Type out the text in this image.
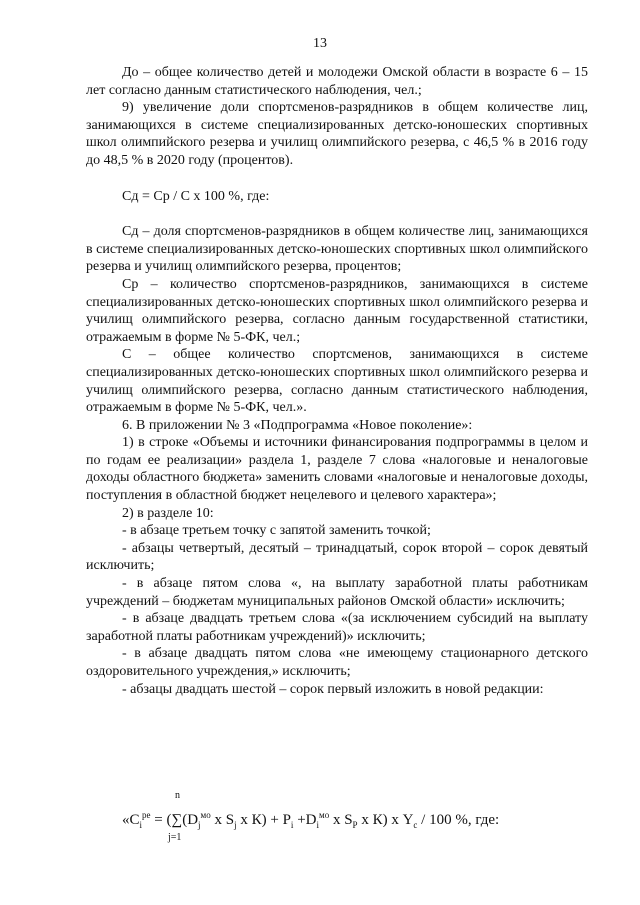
13

До – общее количество детей и молодежи Омской области в возрасте 6 – 15 лет согласно данным статистического наблюдения, чел.;

9) увеличение доли спортсменов-разрядников в общем количестве лиц, занимающихся в системе специализированных детско-юношеских спортивных школ олимпийского резерва и училищ олимпийского резерва, с 46,5 % в 2016 году до 48,5 % в 2020 году (процентов).

Сд = Ср / С х 100 %, где:

Сд – доля спортсменов-разрядников в общем количестве лиц, занимающихся в системе специализированных детско-юношеских спортивных школ олимпийского резерва и училищ олимпийского резерва, процентов;

Ср – количество спортсменов-разрядников, занимающихся в системе специализированных детско-юношеских спортивных школ олимпийского резерва и училищ олимпийского резерва, согласно данным государственной статистики, отражаемым в форме № 5-ФК, чел.;

С – общее количество спортсменов, занимающихся в системе специализированных детско-юношеских спортивных школ олимпийского резерва и училищ олимпийского резерва, согласно данным статистического наблюдения, отражаемым в форме № 5-ФК, чел.».

6. В приложении № 3 «Подпрограмма «Новое поколение»:

1) в строке «Объемы и источники финансирования подпрограммы в целом и по годам ее реализации» раздела 1, разделе 7 слова «налоговые и неналоговые доходы областного бюджета» заменить словами «налоговые и неналоговые доходы, поступления в областной бюджет нецелевого и целевого характера»;

2) в разделе 10:

- в абзаце третьем точку с запятой заменить точкой;

- абзацы четвертый, десятый – тринадцатый, сорок второй – сорок девятый исключить;

- в абзаце пятом слова «, на выплату заработной платы работникам учреждений – бюджетам муниципальных районов Омской области» исключить;

- в абзаце двадцать третьем слова «(за исключением субсидий на выплату заработной платы работникам учреждений)» исключить;

- в абзаце двадцать пятом слова «не имеющему стационарного детского оздоровительного учреждения,» исключить;

- абзацы двадцать шестой – сорок первый изложить в новой редакции:

n
«$C_i^{ре} = (\sum(D_j^{мо}$ х $S_j$ х $К) + P_i +D_i^{мо}$ х $S_P$ х К) х $Y_c / 100$ %, где:
j=1
